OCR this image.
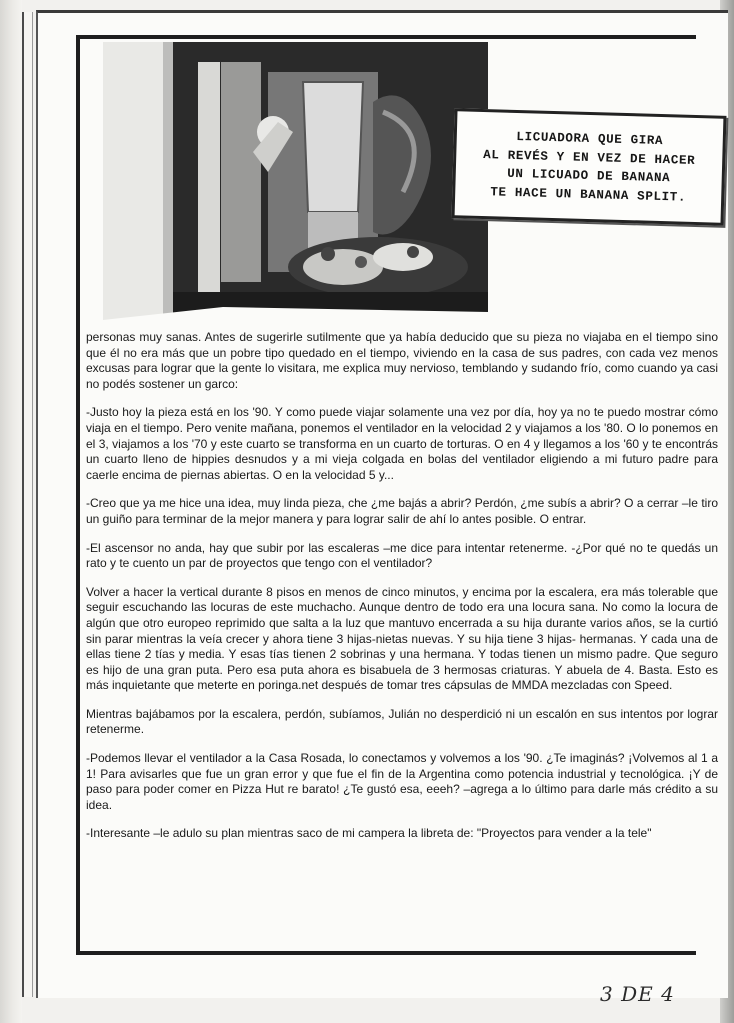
LICUADORA QUE GIRA
AL REVÉS Y EN VEZ DE HACER
UN LICUADO DE BANANA
TE HACE UN BANANA SPLIT.

personas muy sanas. Antes de sugerirle sutilmente que ya había deducido que su pieza no viajaba en el tiempo sino que él no era más que un pobre tipo quedado en el tiempo, viviendo en la casa de sus padres, con cada vez menos excusas para lograr que la gente lo visitara, me explica muy nervioso, temblando y sudando frío, como cuando ya casi no podés sostener un garco:

-Justo hoy la pieza está en los '90. Y como puede viajar solamente una vez por día, hoy ya no te puedo mostrar cómo viaja en el tiempo. Pero venite mañana, ponemos el ventilador en la velocidad 2 y viajamos a los '80. O lo ponemos en el 3, viajamos a los '70 y este cuarto se transforma en un cuarto de torturas. O en 4 y llegamos a los '60 y te encontrás un cuarto lleno de hippies desnudos y a mi vieja colgada en bolas del ventilador eligiendo a mi futuro padre para caerle encima de piernas abiertas. O en la velocidad 5 y...

-Creo que ya me hice una idea, muy linda pieza, che ¿me bajás a abrir? Perdón, ¿me subís a abrir? O a cerrar –le tiro un guiño para terminar de la mejor manera y para lograr salir de ahí lo antes posible. O entrar.

-El ascensor no anda, hay que subir por las escaleras –me dice para intentar retenerme. -¿Por qué no te quedás un rato y te cuento un par de proyectos que tengo con el ventilador?

Volver a hacer la vertical durante 8 pisos en menos de cinco minutos, y encima por la escalera, era más tolerable que seguir escuchando las locuras de este muchacho. Aunque dentro de todo era una locura sana. No como la locura de algún que otro europeo reprimido que salta a la luz que mantuvo encerrada a su hija durante varios años, se la curtió sin parar mientras la veía crecer y ahora tiene 3 hijas-nietas nuevas. Y su hija tiene 3 hijas- hermanas. Y cada una de ellas tiene 2 tías y media. Y esas tías tienen 2 sobrinas y una hermana. Y todas tienen un mismo padre. Que seguro es hijo de una gran puta. Pero esa puta ahora es bisabuela de 3 hermosas criaturas. Y abuela de 4. Basta. Esto es más inquietante que meterte en poringa.net después de tomar tres cápsulas de MMDA mezcladas con Speed.

Mientras bajábamos por la escalera, perdón, subíamos, Julián no desperdició ni un escalón en sus intentos por lograr retenerme.

-Podemos llevar el ventilador a la Casa Rosada, lo conectamos y volvemos a los '90. ¿Te imaginás? ¡Volvemos al 1 a 1! Para avisarles que fue un gran error y que fue el fin de la Argentina como potencia industrial y tecnológica. ¡Y de paso para poder comer en Pizza Hut re barato! ¿Te gustó esa, eeeh? –agrega a lo último para darle más crédito a su idea.

-Interesante –le adulo su plan mientras saco de mi campera la libreta de: "Proyectos para vender a la tele"

3 DE 4
